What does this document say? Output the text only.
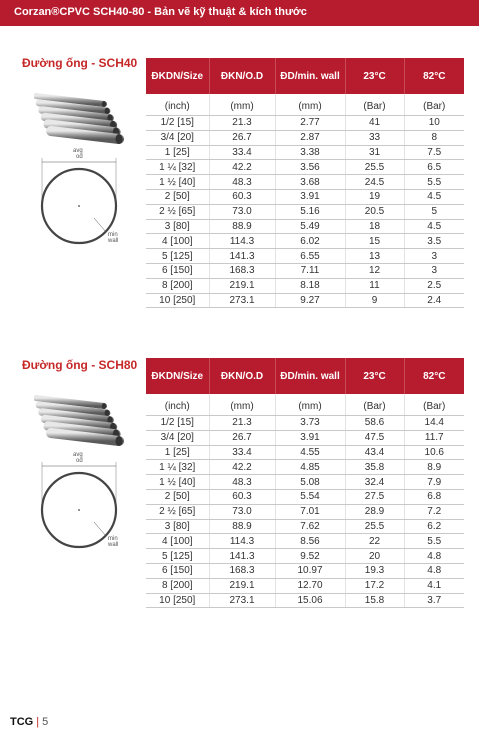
Corzan®CPVC SCH40-80 - Bản vẽ kỹ thuật & kích thước
Đường ống - SCH40
avg
od
min
wall
ĐKDN/Size	ĐKN/O.D	ĐD/min. wall	23°C	82°C
(inch)	(mm)	(mm)	(Bar)	(Bar)
1/2 [15]	21.3	2.77	41	10
3/4 [20]	26.7	2.87	33	8
1 [25]	33.4	3.38	31	7.5
1 ¼ [32]	42.2	3.56	25.5	6.5
1 ½ [40]	48.3	3.68	24.5	5.5
2 [50]	60.3	3.91	19	4.5
2 ½ [65]	73.0	5.16	20.5	5
3 [80]	88.9	5.49	18	4.5
4 [100]	114.3	6.02	15	3.5
5 [125]	141.3	6.55	13	3
6 [150]	168.3	7.11	12	3
8 [200]	219.1	8.18	11	2.5
10 [250]	273.1	9.27	9	2.4
Đường ống - SCH80
avg
od
min
wall
ĐKDN/Size	ĐKN/O.D	ĐD/min. wall	23°C	82°C
(inch)	(mm)	(mm)	(Bar)	(Bar)
1/2 [15]	21.3	3.73	58.6	14.4
3/4 [20]	26.7	3.91	47.5	11.7
1 [25]	33.4	4.55	43.4	10.6
1 ¼ [32]	42.2	4.85	35.8	8.9
1 ½ [40]	48.3	5.08	32.4	7.9
2 [50]	60.3	5.54	27.5	6.8
2 ½ [65]	73.0	7.01	28.9	7.2
3 [80]	88.9	7.62	25.5	6.2
4 [100]	114.3	8.56	22	5.5
5 [125]	141.3	9.52	20	4.8
6 [150]	168.3	10.97	19.3	4.8
8 [200]	219.1	12.70	17.2	4.1
10 [250]	273.1	15.06	15.8	3.7
TCG | 5
